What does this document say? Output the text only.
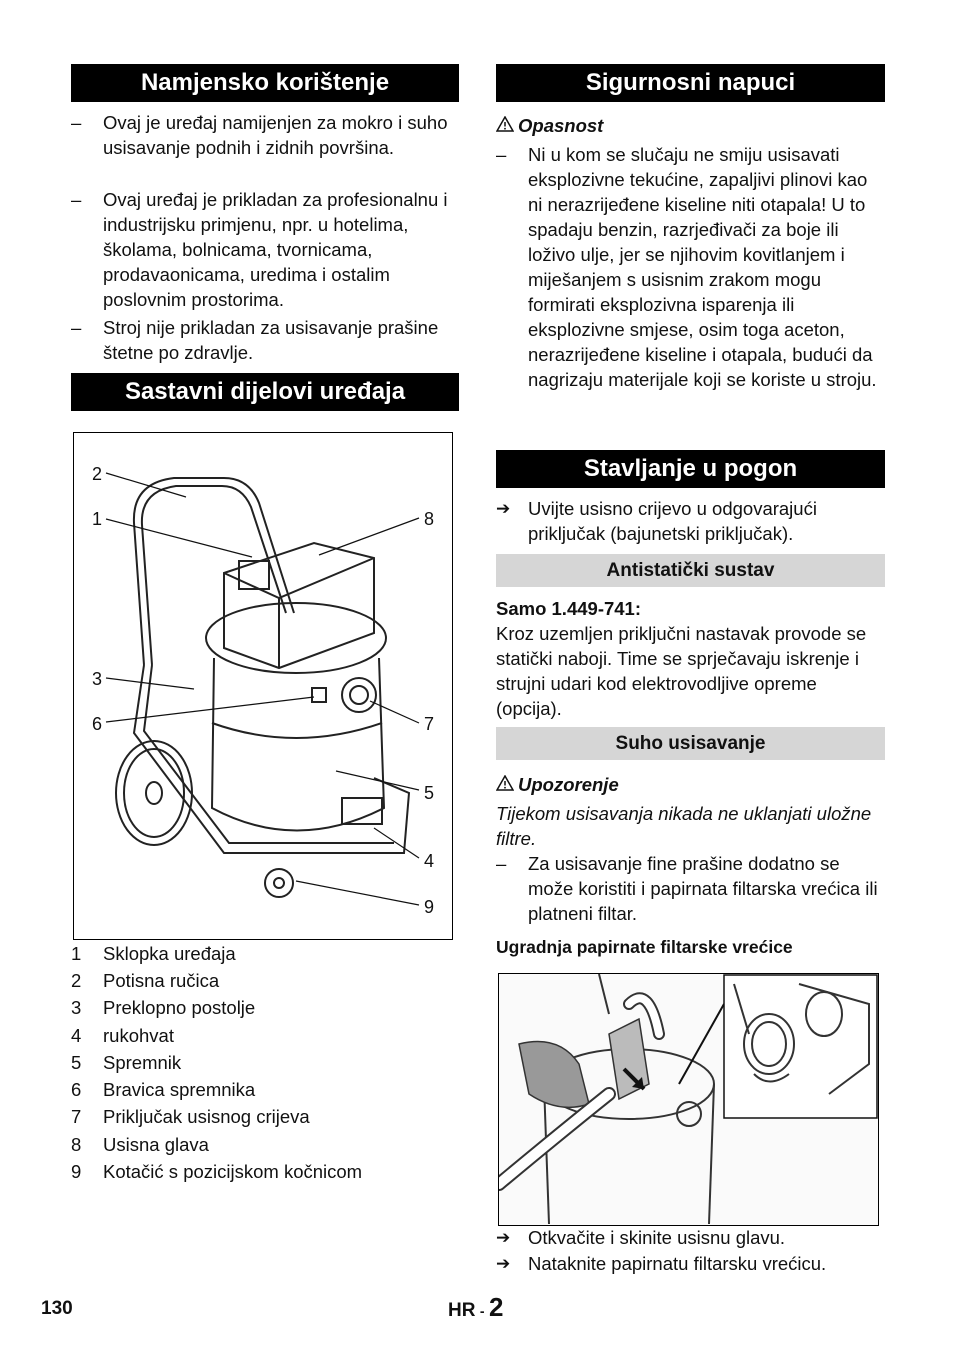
Namjensko korištenje
–	Ovaj je uređaj namijenjen za mokro i suho usisavanje podnih i zidnih površina.
–	Ovaj uređaj je prikladan za profesionalnu i industrijsku primjenu, npr. u hotelima, školama, bolnicama, tvornicama, prodavaonicama, uredima i ostalim poslovnim prostorima.
–	Stroj nije prikladan za usisavanje prašine štetne po zdravlje.
Sastavni dijelovi uređaja
2
1
3
6	7
5
4
8
9
1	Sklopka uređaja
2	Potisna ručica
3	Preklopno postolje
4	rukohvat
5	Spremnik
6	Bravica spremnika
7	Priključak usisnog crijeva
8	Usisna glava
9	Kotačić s pozicijskom kočnicom
Sigurnosni napuci
Opasnost
–	Ni u kom se slučaju ne smiju usisavati eksplozivne tekućine, zapaljivi plinovi kao ni nerazrijeđene kiseline niti otapala! U to spadaju benzin, razrjeđivači za boje ili loživo ulje, jer se njihovim kovitlanjem i miješanjem s usisnim zrakom mogu formirati eksplozivna isparenja ili eksplozivne smjese, osim toga aceton, nerazrijeđene kiseline i otapala, budući da nagrizaju materijale koji se koriste u stroju.
Stavljanje u pogon
➔ Uvijte usisno crijevo u odgovarajući priključak (bajunetski priključak).
Antistatički sustav
Samo 1.449-741:
Kroz uzemljen priključni nastavak provode se statički naboji. Time se sprječavaju iskrenje i strujni udari kod elektrovodljive opreme (opcija).
Suho usisavanje
Upozorenje
Tijekom usisavanja nikada ne uklanjati uložne filtre.
–	Za usisavanje fine prašine dodatno se može koristiti i papirnata filtarska vrećica ili platneni filtar.
Ugradnja papirnate filtarske vrećice
➔ Otkvačite i skinite usisnu glavu.
➔ Nataknite papirnatu filtarsku vrećicu.
130	HR - 2
